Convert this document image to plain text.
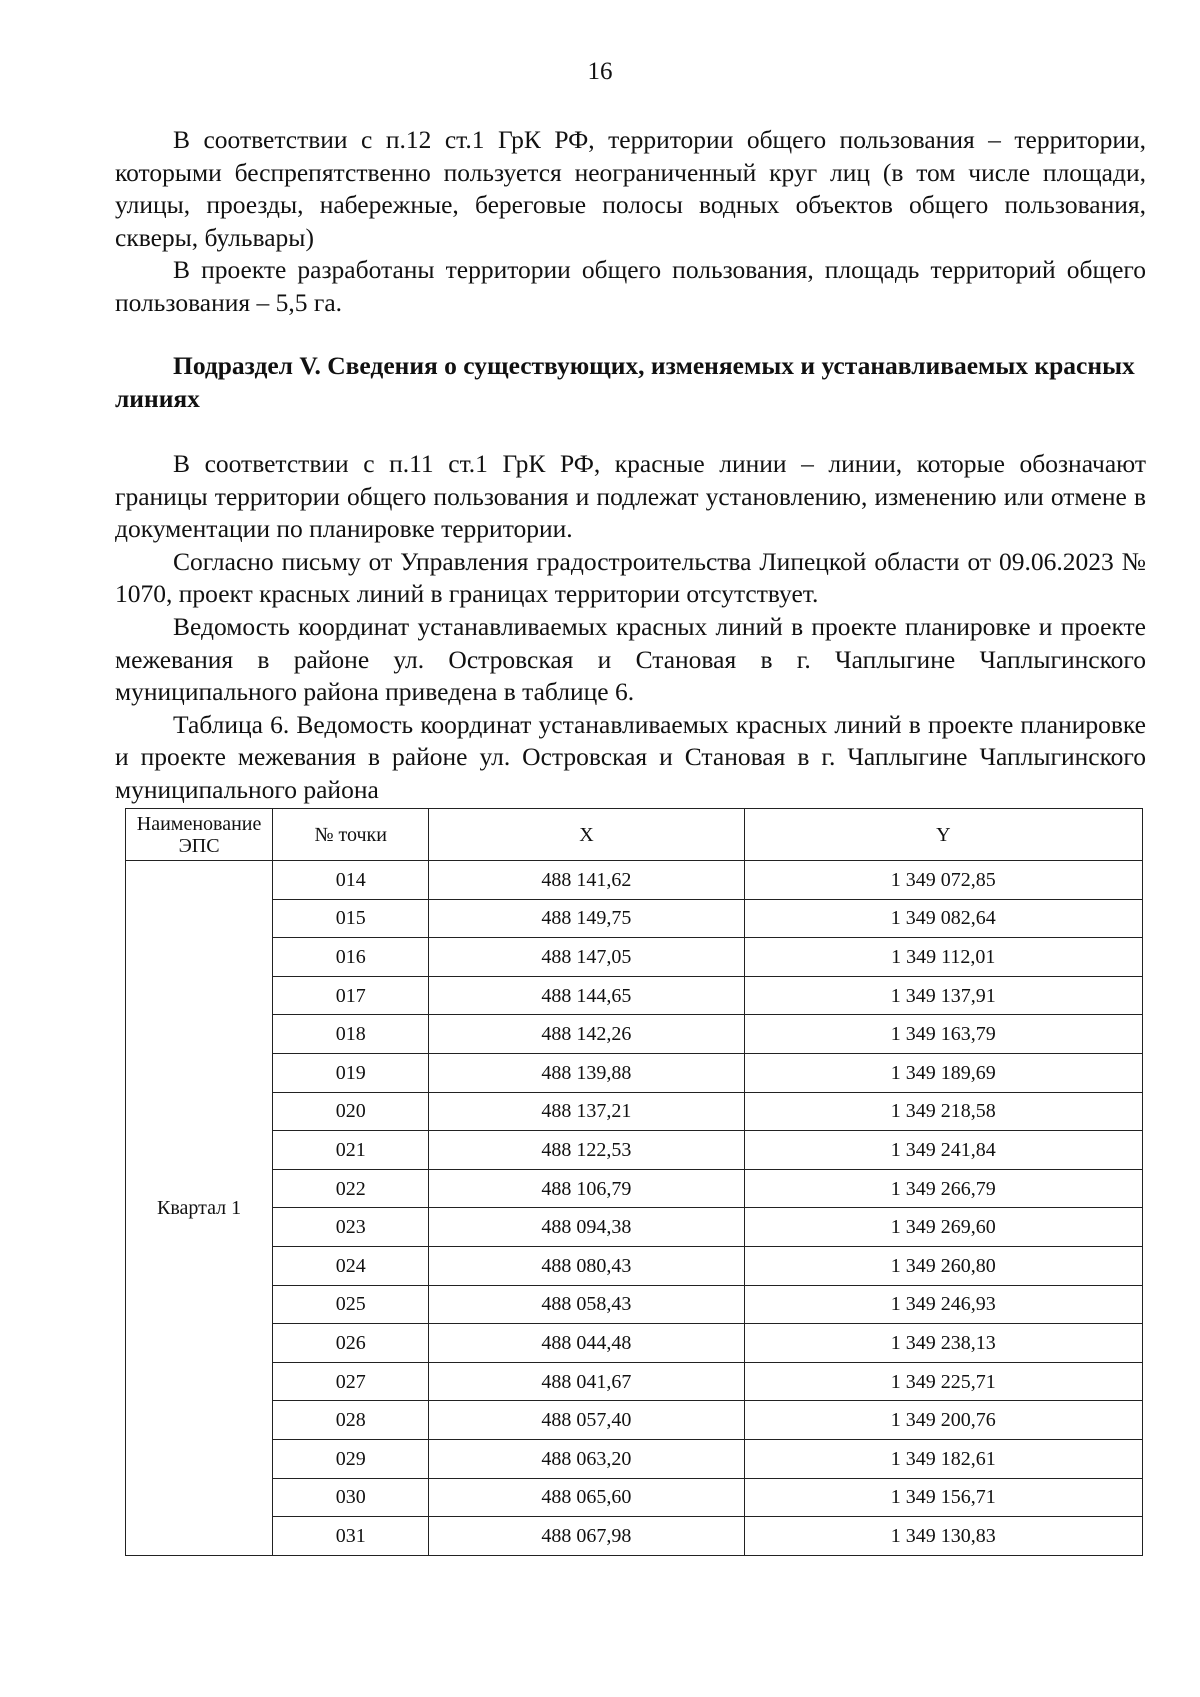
16

В соответствии с п.12 ст.1 ГрК РФ, территории общего пользования – территории, которыми беспрепятственно пользуется неограниченный круг лиц (в том числе площади, улицы, проезды, набережные, береговые полосы водных объектов общего пользования, скверы, бульвары)

В проекте разработаны территории общего пользования, площадь территорий общего пользования – 5,5 га.

Подраздел V. Сведения о существующих, изменяемых и устанавливаемых красных линиях

В соответствии с п.11 ст.1 ГрК РФ, красные линии – линии, которые обозначают границы территории общего пользования и подлежат установлению, изменению или отмене в документации по планировке территории.

Согласно письму от Управления градостроительства Липецкой области от 09.06.2023 № 1070, проект красных линий в границах территории отсутствует.

Ведомость координат устанавливаемых красных линий в проекте планировке и проекте межевания в районе ул. Островская и Становая в г. Чаплыгине Чаплыгинского муниципального района приведена в таблице 6.

Таблица 6. Ведомость координат устанавливаемых красных линий в проекте планировке и проекте межевания в районе ул. Островская и Становая в г. Чаплыгине Чаплыгинского муниципального района

Наименование ЭПС	№ точки	X	Y
Квартал 1	014	488 141,62	1 349 072,85
	015	488 149,75	1 349 082,64
	016	488 147,05	1 349 112,01
	017	488 144,65	1 349 137,91
	018	488 142,26	1 349 163,79
	019	488 139,88	1 349 189,69
	020	488 137,21	1 349 218,58
	021	488 122,53	1 349 241,84
	022	488 106,79	1 349 266,79
	023	488 094,38	1 349 269,60
	024	488 080,43	1 349 260,80
	025	488 058,43	1 349 246,93
	026	488 044,48	1 349 238,13
	027	488 041,67	1 349 225,71
	028	488 057,40	1 349 200,76
	029	488 063,20	1 349 182,61
	030	488 065,60	1 349 156,71
	031	488 067,98	1 349 130,83
